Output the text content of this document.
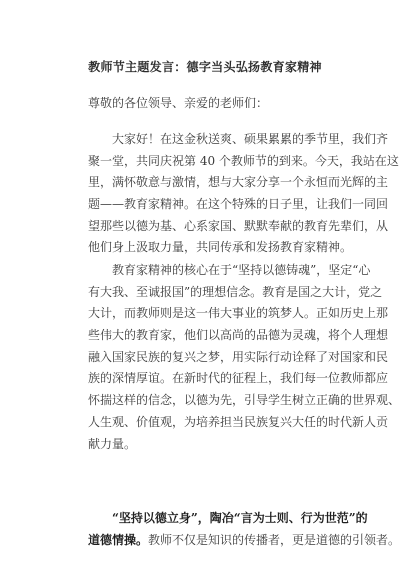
教师节主题发言：德字当头弘扬教育家精神
尊敬的各位领导、亲爱的老师们：
大家好！在这金秋送爽、硕果累累的季节里，我们齐
聚一堂，共同庆祝第 40 个教师节的到来。今天，我站在这
里，满怀敬意与激情，想与大家分享一个永恒而光辉的主
题——教育家精神。在这个特殊的日子里，让我们一同回
望那些以德为基、心系家国、默默奉献的教育先辈们，从
他们身上汲取力量，共同传承和发扬教育家精神。
教育家精神的核心在于“坚持以德铸魂”，坚定“心
有大我、至诚报国”的理想信念。教育是国之大计，党之
大计，而教师则是这一伟大事业的筑梦人。正如历史上那
些伟大的教育家，他们以高尚的品德为灵魂，将个人理想
融入国家民族的复兴之梦，用实际行动诠释了对国家和民
族的深情厚谊。在新时代的征程上，我们每一位教师都应
怀揣这样的信念，以德为先，引导学生树立正确的世界观、
人生观、价值观，为培养担当民族复兴大任的时代新人贡
献力量。
“坚持以德立身”，陶冶“言为士则、行为世范”的
道德情操。教师不仅是知识的传播者，更是道德的引领者。
